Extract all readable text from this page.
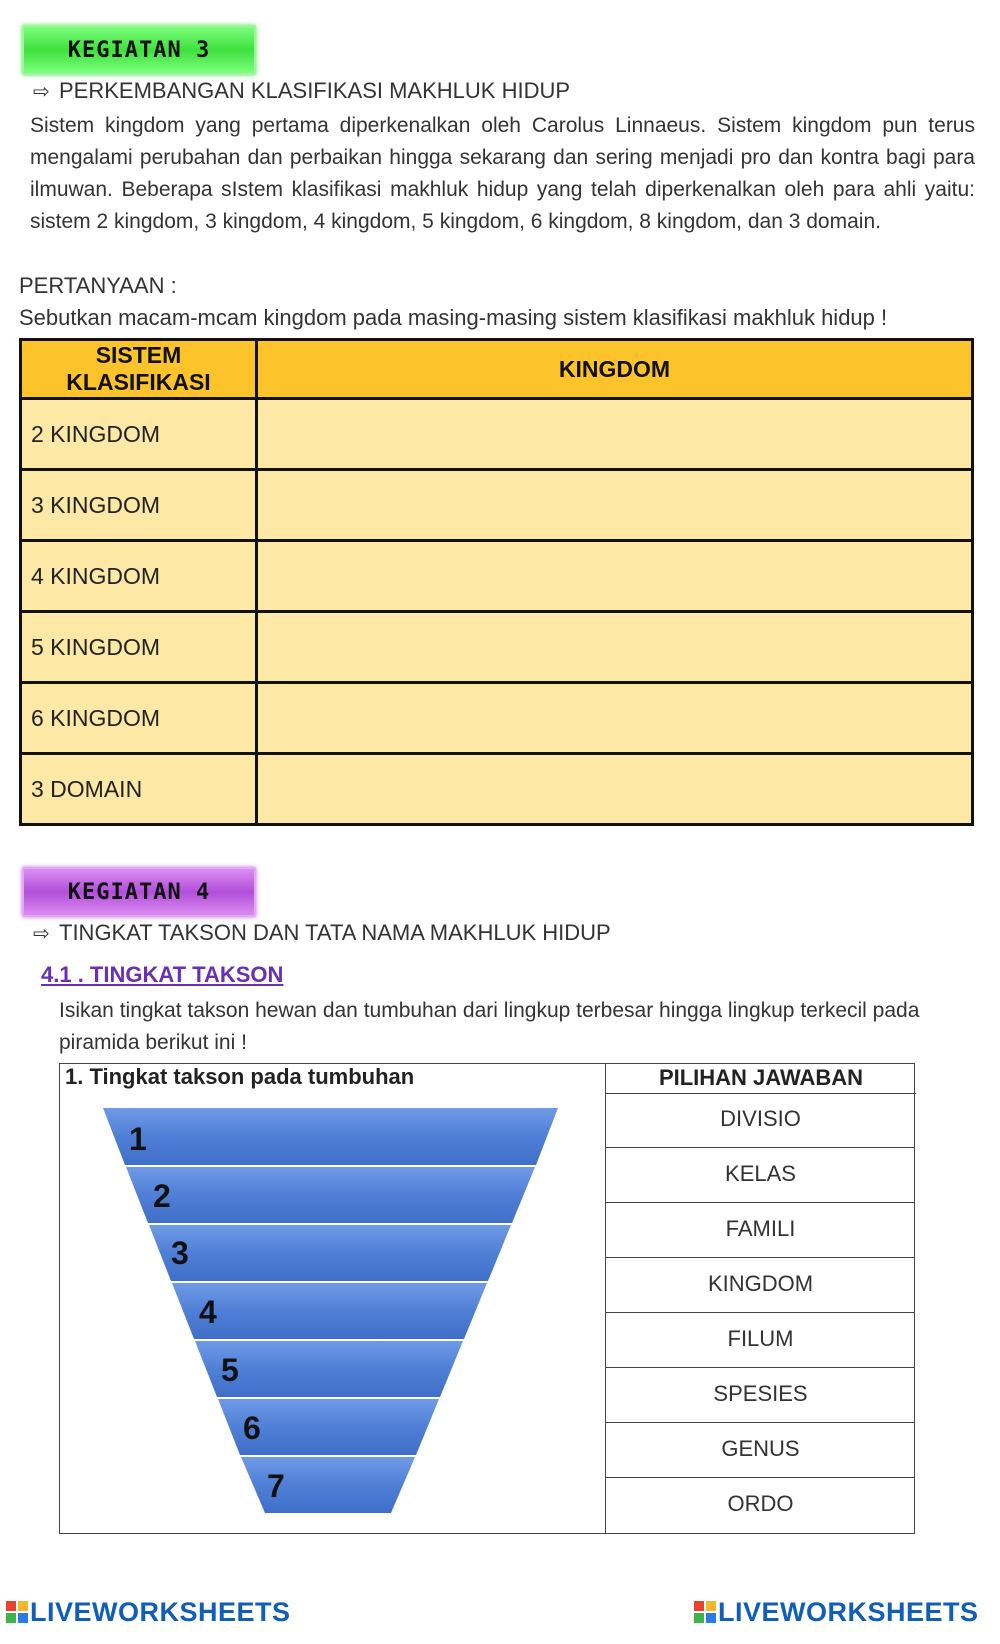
KEGIATAN 3
⇨ PERKEMBANGAN KLASIFIKASI MAKHLUK HIDUP
Sistem kingdom yang pertama diperkenalkan oleh Carolus Linnaeus. Sistem kingdom pun terus
mengalami perubahan dan perbaikan hingga sekarang dan sering menjadi pro dan kontra bagi para
ilmuwan. Beberapa sIstem klasifikasi makhluk hidup yang telah diperkenalkan oleh para ahli yaitu:
sistem 2 kingdom, 3 kingdom, 4 kingdom, 5 kingdom, 6 kingdom, 8 kingdom, dan 3 domain.
PERTANYAAN :
Sebutkan macam-mcam kingdom pada masing-masing sistem klasifikasi makhluk hidup !
SISTEM KLASIFIKASI	KINGDOM
2 KINGDOM	
3 KINGDOM	
4 KINGDOM	
5 KINGDOM	
6 KINGDOM	
3 DOMAIN	
KEGIATAN 4
⇨ TINGKAT TAKSON DAN TATA NAMA MAKHLUK HIDUP
4.1 . TINGKAT TAKSON
Isikan tingkat takson hewan dan tumbuhan dari lingkup terbesar hingga lingkup terkecil pada
piramida berikut ini !
1. Tingkat takson pada tumbuhan	PILIHAN JAWABAN
DIVISIO
KELAS
FAMILI
KINGDOM
FILUM
SPESIES
GENUS
ORDO
1
2
3
4
5
6
7
LIVEWORKSHEETS	LIVEWORKSHEETS
